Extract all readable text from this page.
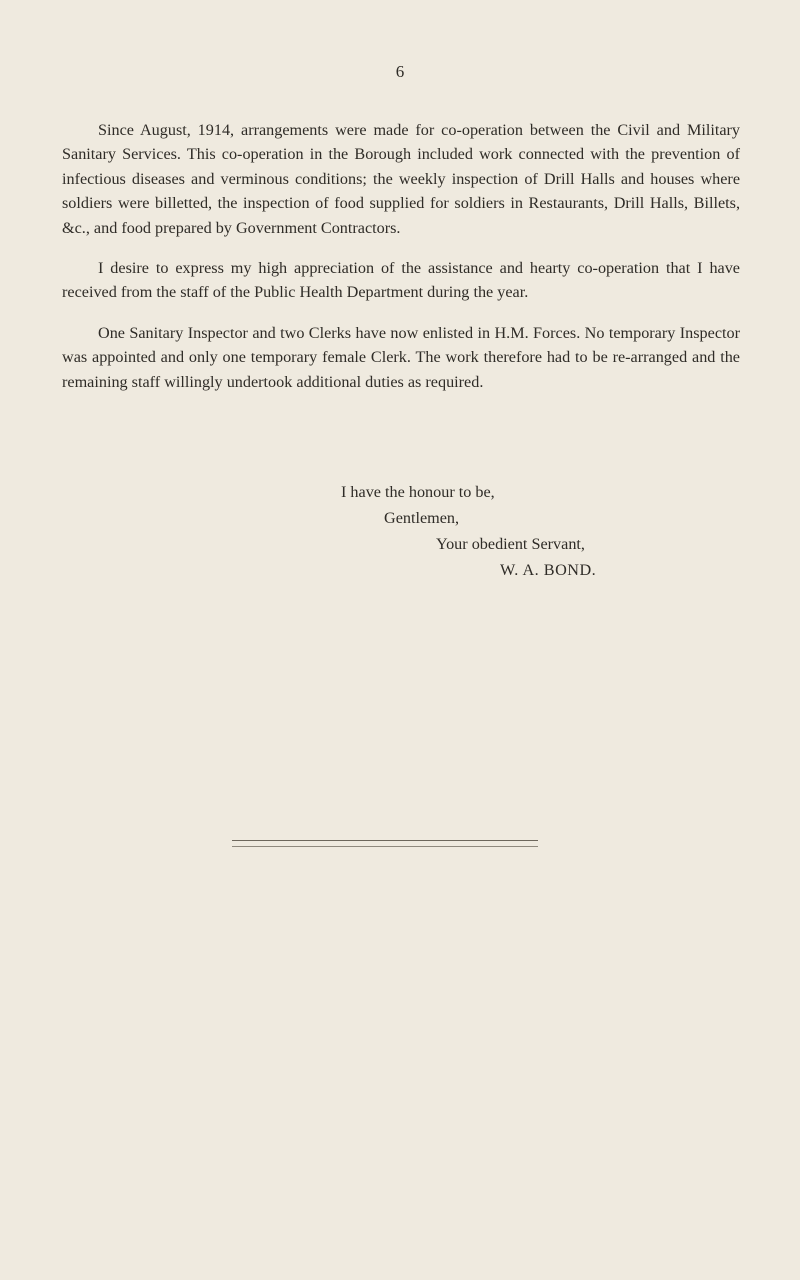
6

Since August, 1914, arrangements were made for co-operation between the Civil and Military Sanitary Services. This co-operation in the Borough included work connected with the prevention of infectious diseases and verminous conditions; the weekly inspection of Drill Halls and houses where soldiers were billetted, the inspection of food supplied for soldiers in Restaurants, Drill Halls, Billets, &c., and food prepared by Government Contractors.

I desire to express my high appreciation of the assistance and hearty co-operation that I have received from the staff of the Public Health Department during the year.

One Sanitary Inspector and two Clerks have now enlisted in H.M. Forces. No temporary Inspector was appointed and only one temporary female Clerk. The work therefore had to be re-arranged and the remaining staff willingly undertook additional duties as required.

I have the honour to be,
Gentlemen,
Your obedient Servant,
W. A. BOND.
